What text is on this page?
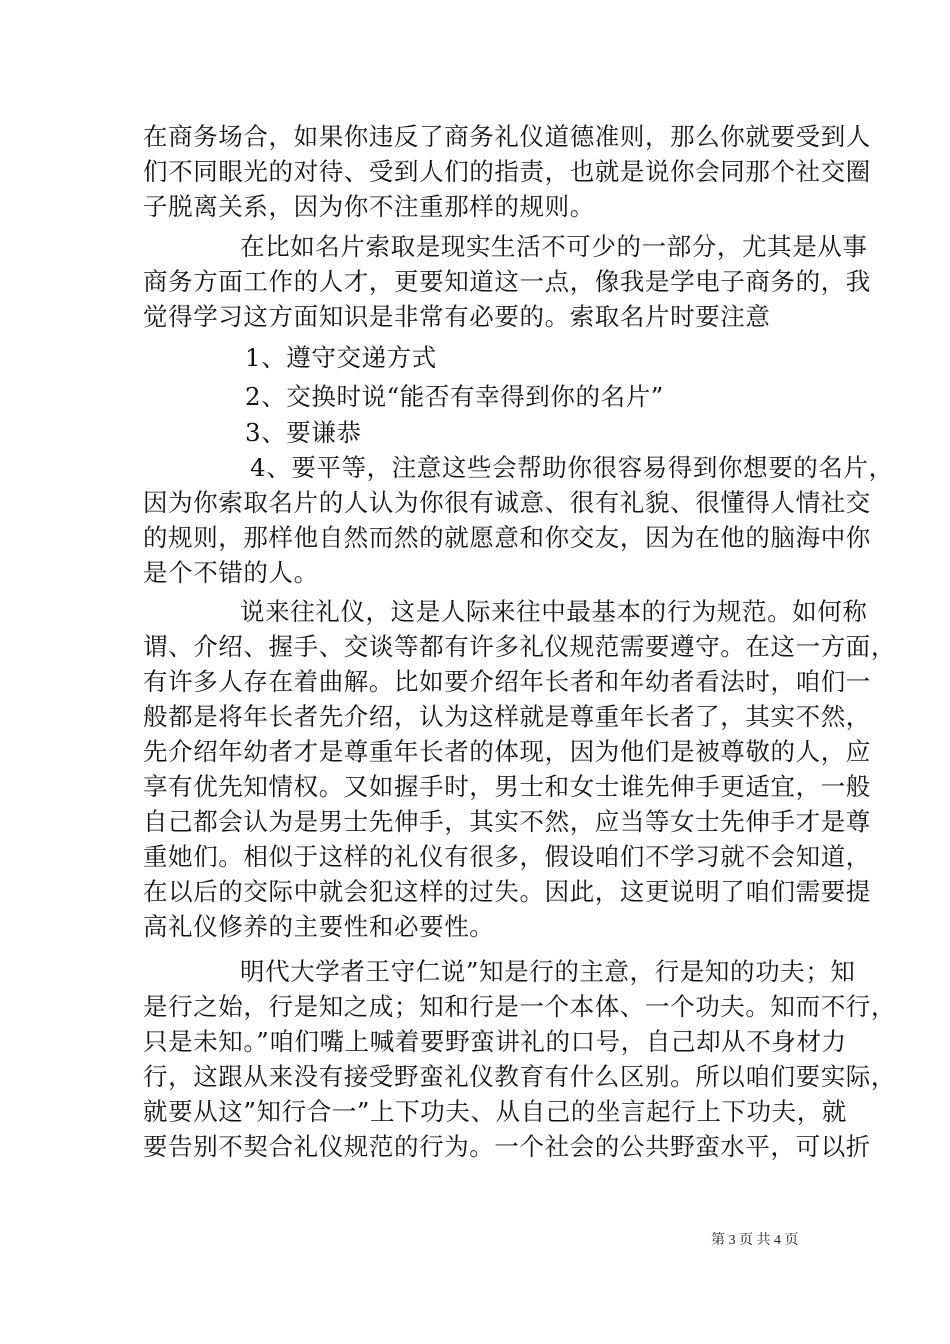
在商务场合，如果你违反了商务礼仪道德准则，那么你就要受到人
们不同眼光的对待、受到人们的指责，也就是说你会同那个社交圈
子脱离关系，因为你不注重那样的规则。
在比如名片索取是现实生活不可少的一部分，尤其是从事
商务方面工作的人才，更要知道这一点，像我是学电子商务的，我
觉得学习这方面知识是非常有必要的。索取名片时要注意
1、遵守交递方式
2、交换时说“能否有幸得到你的名片”
3、要谦恭
4、要平等，注意这些会帮助你很容易得到你想要的名片，
因为你索取名片的人认为你很有诚意、很有礼貌、很懂得人情社交
的规则，那样他自然而然的就愿意和你交友，因为在他的脑海中你
是个不错的人。
说来往礼仪，这是人际来往中最基本的行为规范。如何称
谓、介绍、握手、交谈等都有许多礼仪规范需要遵守。在这一方面，
有许多人存在着曲解。比如要介绍年长者和年幼者看法时，咱们一
般都是将年长者先介绍，认为这样就是尊重年长者了，其实不然，
先介绍年幼者才是尊重年长者的体现，因为他们是被尊敬的人，应
享有优先知情权。又如握手时，男士和女士谁先伸手更适宜，一般
自己都会认为是男士先伸手，其实不然，应当等女士先伸手才是尊
重她们。相似于这样的礼仪有很多，假设咱们不学习就不会知道，
在以后的交际中就会犯这样的过失。因此，这更说明了咱们需要提
高礼仪修养的主要性和必要性。
明代大学者王守仁说”知是行的主意，行是知的功夫；知
是行之始，行是知之成；知和行是一个本体、一个功夫。知而不行，
只是未知。”咱们嘴上喊着要野蛮讲礼的口号，自己却从不身材力
行，这跟从来没有接受野蛮礼仪教育有什么区别。所以咱们要实际，
就要从这”知行合一”上下功夫、从自己的坐言起行上下功夫，就
要告别不契合礼仪规范的行为。一个社会的公共野蛮水平，可以折
第 3 页 共 4 页
